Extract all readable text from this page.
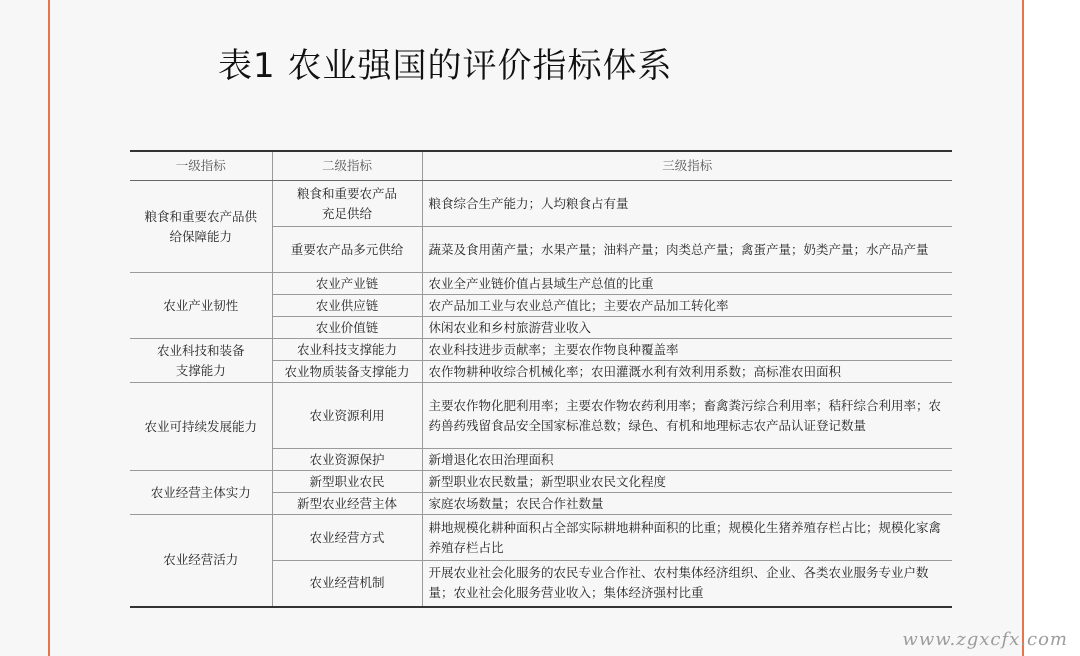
表1 农业强国的评价指标体系
一级指标	二级指标	三级指标

粮食和重要农产品供给保障能力	粮食和重要农产品充足供给	粮食综合生产能力；人均粮食占有量
	重要农产品多元供给	蔬菜及食用菌产量；水果产量；油料产量；肉类总产量；禽蛋产量；奶类产量；水产品产量
农业产业韧性	农业产业链	农业全产业链价值占县域生产总值的比重
	农业供应链	农产品加工业与农业总产值比；主要农产品加工转化率
	农业价值链	休闲农业和乡村旅游营业收入

农业科技和装备支撑能力	农业科技支撑能力	农业科技进步贡献率；主要农作物良种覆盖率
	农业物质装备支撑能力	农作物耕种收综合机械化率；农田灌溉水利有效利用系数；高标准农田面积
农业可持续发展能力	农业资源利用	主要农作物化肥利用率；主要农作物农药利用率；畜禽粪污综合利用率；秸秆综合利用率；农药兽药残留食品安全国家标准总数；绿色、有机和地理标志农产品认证登记数量
	农业资源保护	新增退化农田治理面积
农业经营主体实力	新型职业农民	新型职业农民数量；新型职业农民文化程度
	新型农业经营主体	家庭农场数量；农民合作社数量
农业经营活力	农业经营方式	耕地规模化耕种面积占全部实际耕地耕种面积的比重；规模化生猪养殖存栏占比；规模化家禽养殖存栏占比
	农业经营机制	开展农业社会化服务的农民专业合作社、农村集体经济组织、企业、各类农业服务专业户数量；农业社会化服务营业收入；集体经济强村比重
www.zgxcfx.com
